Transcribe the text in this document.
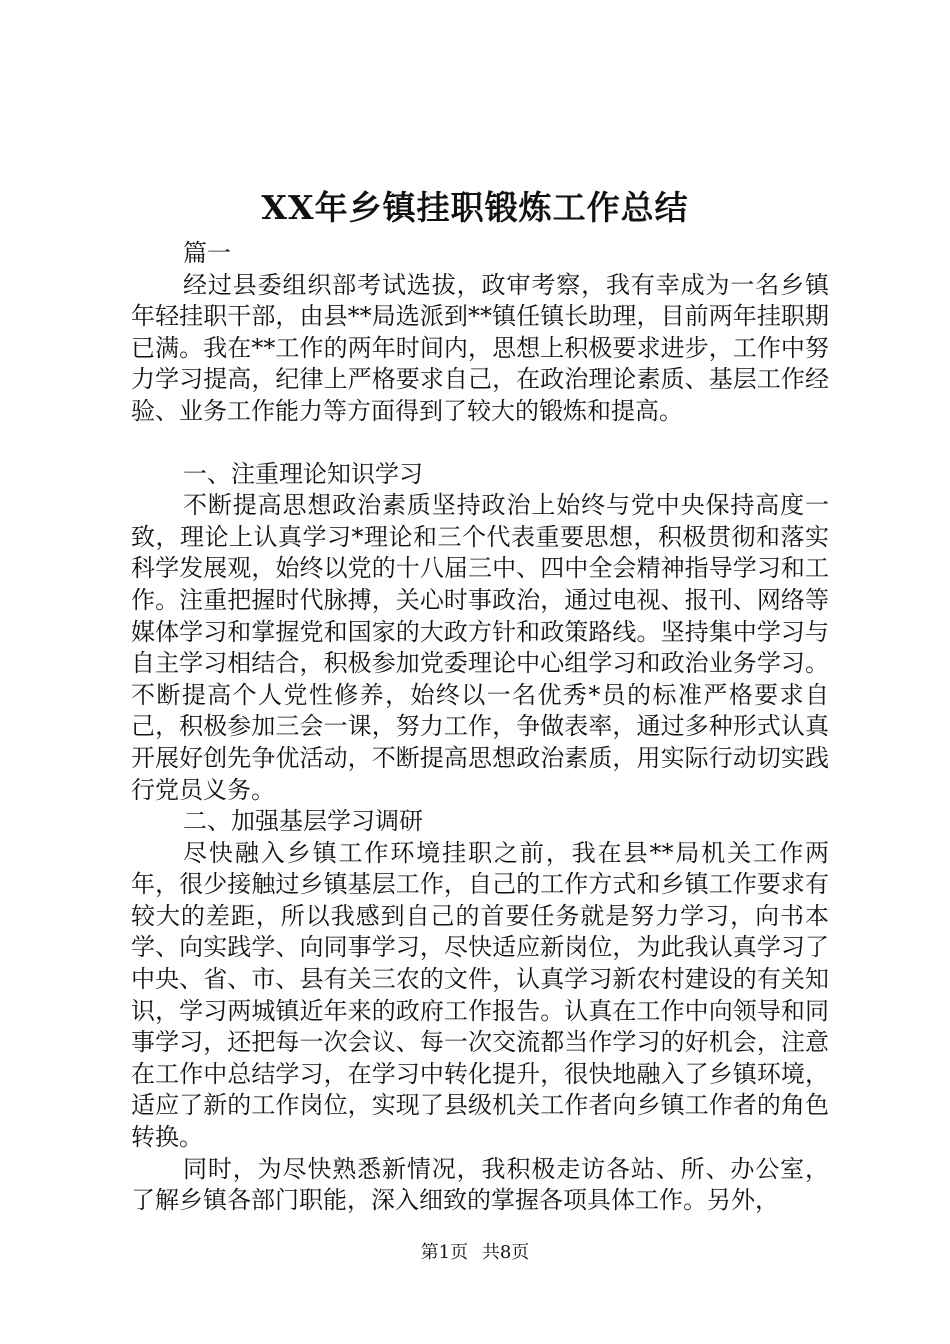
XX年乡镇挂职锻炼工作总结

篇一

经过县委组织部考试选拔，政审考察，我有幸成为一名乡镇年轻挂职干部，由县**局选派到**镇任镇长助理，目前两年挂职期已满。我在**工作的两年时间内，思想上积极要求进步，工作中努力学习提高，纪律上严格要求自己，在政治理论素质、基层工作经验、业务工作能力等方面得到了较大的锻炼和提高。

一、注重理论知识学习

不断提高思想政治素质坚持政治上始终与党中央保持高度一致，理论上认真学习*理论和三个代表重要思想，积极贯彻和落实科学发展观，始终以党的十八届三中、四中全会精神指导学习和工作。注重把握时代脉搏，关心时事政治，通过电视、报刊、网络等媒体学习和掌握党和国家的大政方针和政策路线。坚持集中学习与自主学习相结合，积极参加党委理论中心组学习和政治业务学习。不断提高个人党性修养，始终以一名优秀*员的标准严格要求自己，积极参加三会一课，努力工作，争做表率，通过多种形式认真开展好创先争优活动，不断提高思想政治素质，用实际行动切实践行党员义务。

二、加强基层学习调研

尽快融入乡镇工作环境挂职之前，我在县**局机关工作两年，很少接触过乡镇基层工作，自己的工作方式和乡镇工作要求有较大的差距，所以我感到自己的首要任务就是努力学习，向书本学、向实践学、向同事学习，尽快适应新岗位，为此我认真学习了中央、省、市、县有关三农的文件，认真学习新农村建设的有关知识，学习两城镇近年来的政府工作报告。认真在工作中向领导和同事学习，还把每一次会议、每一次交流都当作学习的好机会，注意在工作中总结学习，在学习中转化提升，很快地融入了乡镇环境，适应了新的工作岗位，实现了县级机关工作者向乡镇工作者的角色转换。

同时，为尽快熟悉新情况，我积极走访各站、所、办公室，了解乡镇各部门职能，深入细致的掌握各项具体工作。另外，

第1页 共8页
